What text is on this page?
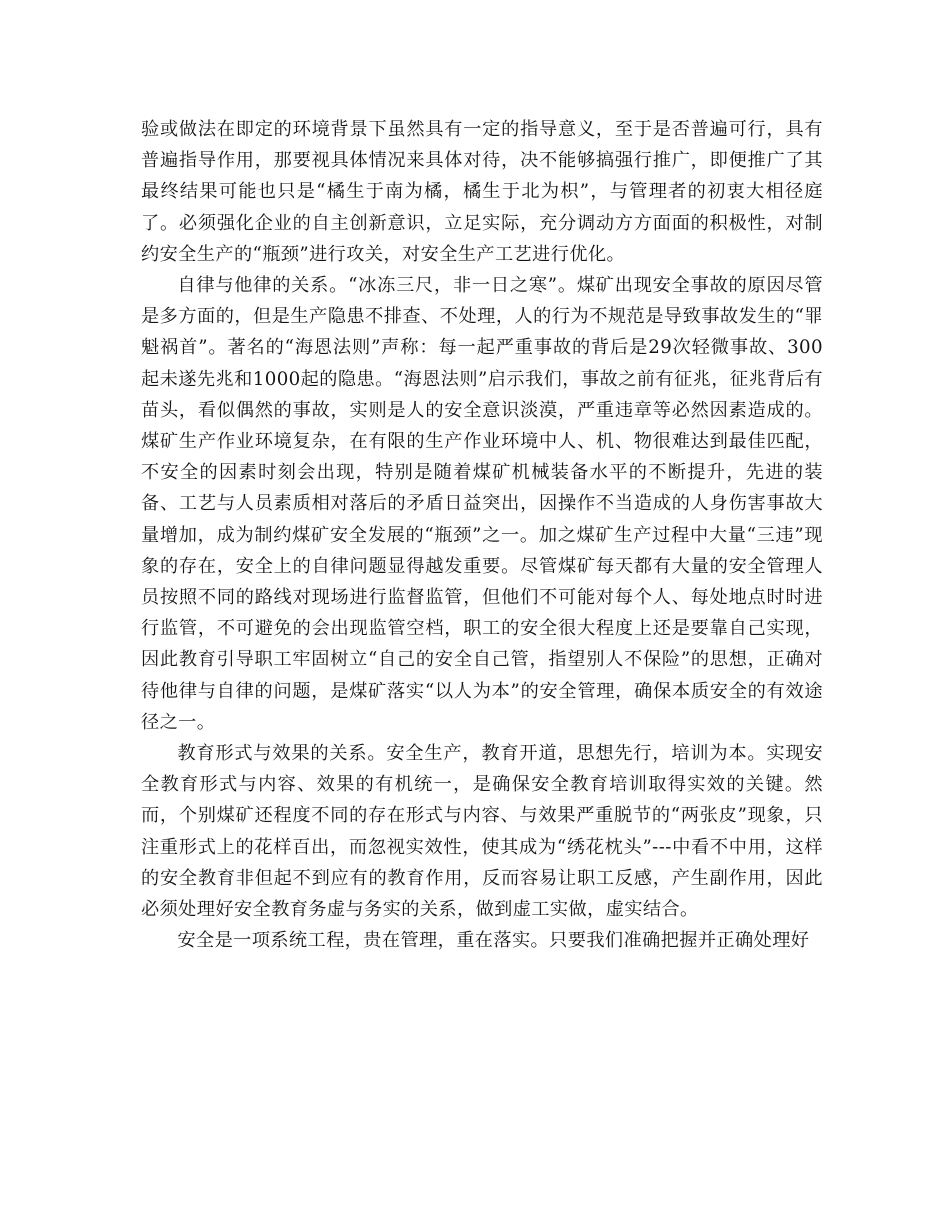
验或做法在即定的环境背景下虽然具有一定的指导意义，至于是否普遍可行，具有普遍指导作用，那要视具体情况来具体对待，决不能够搞强行推广，即便推广了其最终结果可能也只是“橘生于南为橘，橘生于北为枳”，与管理者的初衷大相径庭了。必须强化企业的自主创新意识，立足实际，充分调动方方面面的积极性，对制约安全生产的“瓶颈”进行攻关，对安全生产工艺进行优化。

自律与他律的关系。“冰冻三尺，非一日之寒”。煤矿出现安全事故的原因尽管是多方面的，但是生产隐患不排查、不处理，人的行为不规范是导致事故发生的“罪魁祸首”。著名的“海恩法则”声称：每一起严重事故的背后是29次轻微事故、300起未遂先兆和1000起的隐患。“海恩法则”启示我们，事故之前有征兆，征兆背后有苗头，看似偶然的事故，实则是人的安全意识淡漠，严重违章等必然因素造成的。煤矿生产作业环境复杂，在有限的生产作业环境中人、机、物很难达到最佳匹配，不安全的因素时刻会出现，特别是随着煤矿机械装备水平的不断提升，先进的装备、工艺与人员素质相对落后的矛盾日益突出，因操作不当造成的人身伤害事故大量增加，成为制约煤矿安全发展的“瓶颈”之一。加之煤矿生产过程中大量“三违”现象的存在，安全上的自律问题显得越发重要。尽管煤矿每天都有大量的安全管理人员按照不同的路线对现场进行监督监管，但他们不可能对每个人、每处地点时时进行监管，不可避免的会出现监管空档，职工的安全很大程度上还是要靠自己实现，因此教育引导职工牢固树立“自己的安全自己管，指望别人不保险”的思想，正确对待他律与自律的问题，是煤矿落实“以人为本”的安全管理，确保本质安全的有效途径之一。

教育形式与效果的关系。安全生产，教育开道，思想先行，培训为本。实现安全教育形式与内容、效果的有机统一，是确保安全教育培训取得实效的关键。然而，个别煤矿还程度不同的存在形式与内容、与效果严重脱节的“两张皮”现象，只注重形式上的花样百出，而忽视实效性，使其成为“绣花枕头”---中看不中用，这样的安全教育非但起不到应有的教育作用，反而容易让职工反感，产生副作用，因此必须处理好安全教育务虚与务实的关系，做到虚工实做，虚实结合。

安全是一项系统工程，贵在管理，重在落实。只要我们准确把握并正确处理好
